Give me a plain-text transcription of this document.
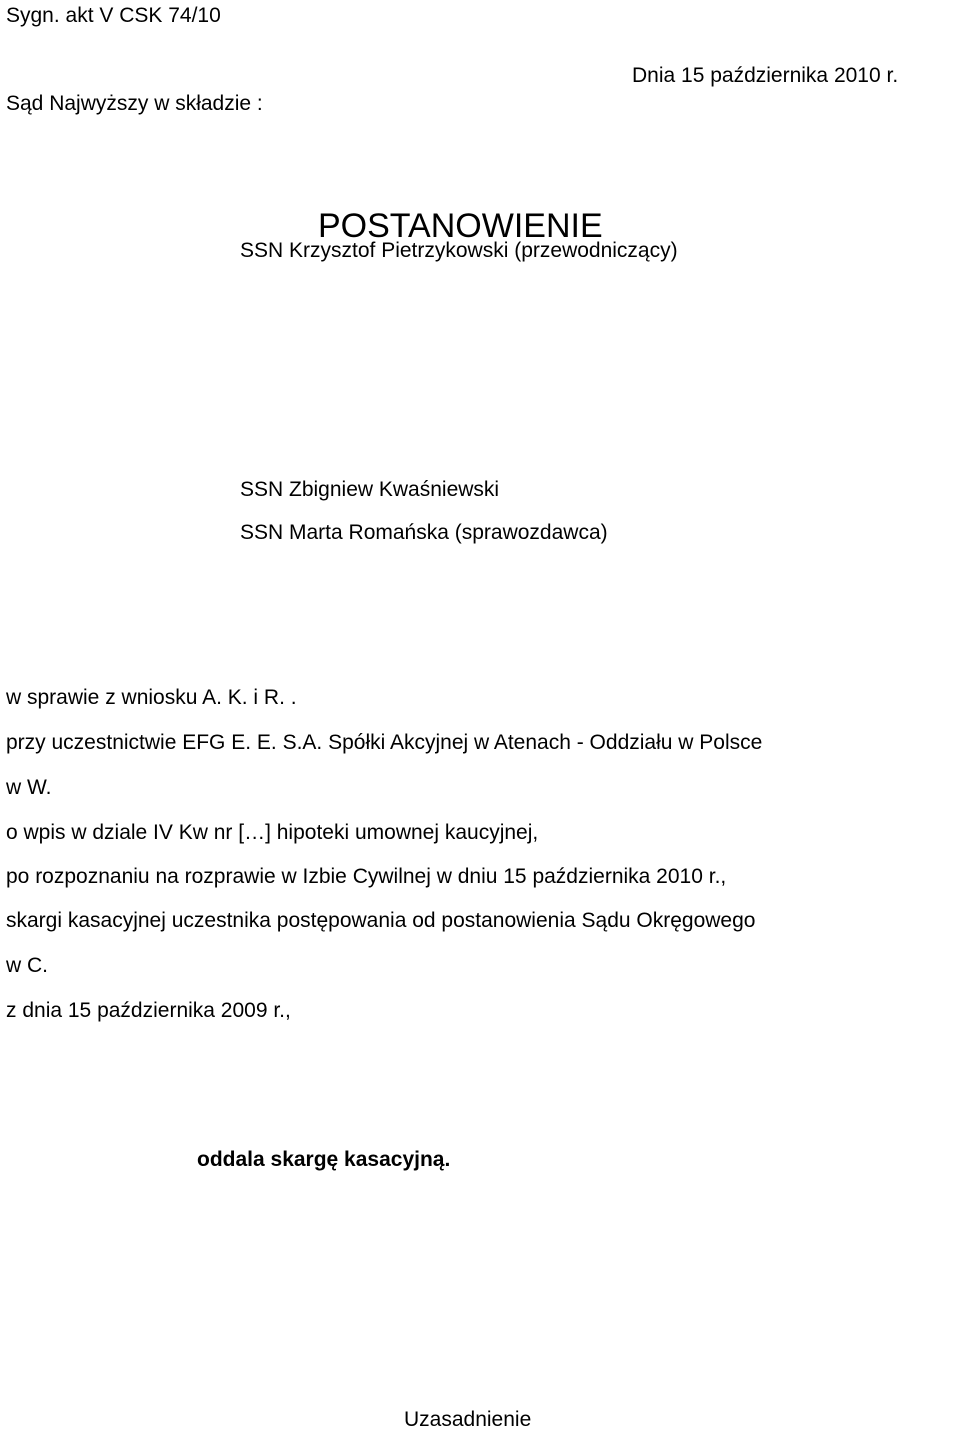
Sygn. akt V CSK 74/10
POSTANOWIENIE
Dnia 15 października 2010 r.
Sąd Najwyższy w składzie :
SSN Krzysztof Pietrzykowski (przewodniczący)
SSN Zbigniew Kwaśniewski
SSN Marta Romańska (sprawozdawca)
w sprawie z wniosku A. K. i R. .
przy uczestnictwie EFG E. E. S.A. Spółki Akcyjnej w Atenach - Oddziału w Polsce
w W.
o wpis w dziale IV Kw nr […] hipoteki umownej kaucyjnej,
po rozpoznaniu na rozprawie w Izbie Cywilnej w dniu 15 października 2010 r.,
skargi kasacyjnej uczestnika postępowania od postanowienia Sądu Okręgowego
w C.
z dnia 15 października 2009 r.,
oddala skargę kasacyjną.
Uzasadnienie
